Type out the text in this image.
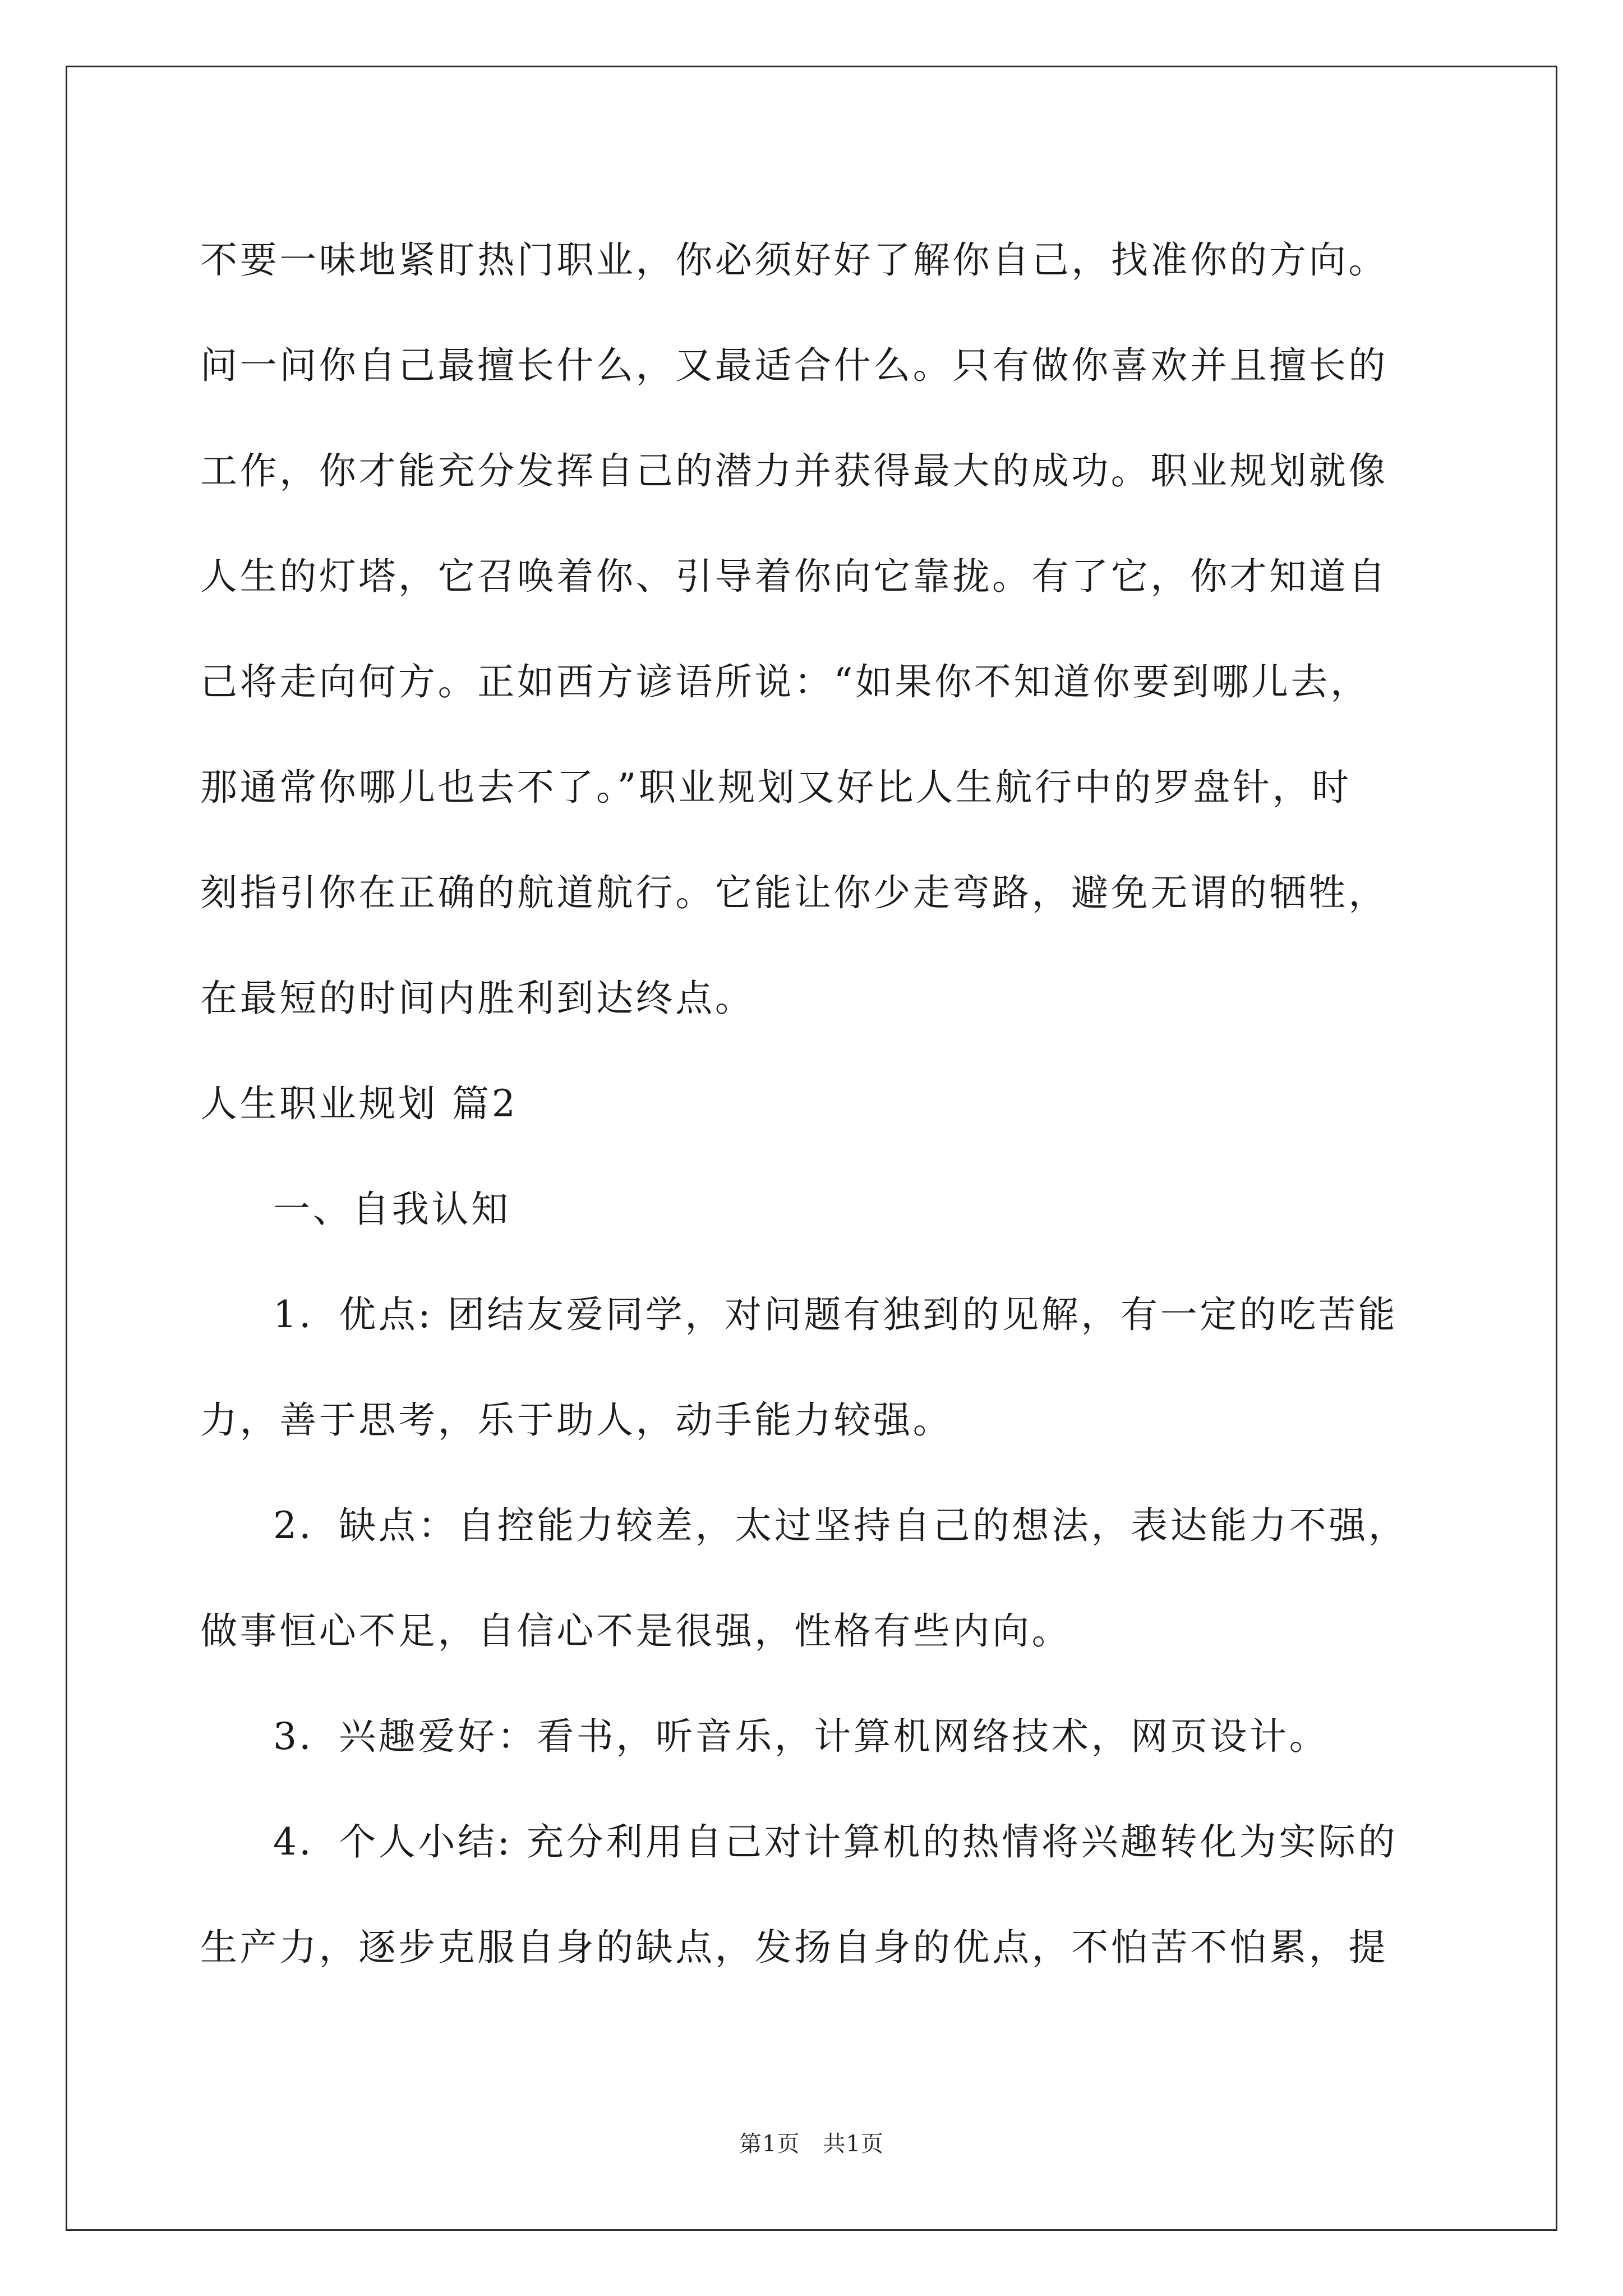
不要一味地紧盯热门职业，你必须好好了解你自己，找准你的方向。
问一问你自己最擅长什么，又最适合什么。只有做你喜欢并且擅长的
工作，你才能充分发挥自己的潜力并获得最大的成功。职业规划就像
人生的灯塔，它召唤着你、引导着你向它靠拢。有了它，你才知道自
己将走向何方。正如西方谚语所说：“如果你不知道你要到哪儿去，
那通常你哪儿也去不了。”职业规划又好比人生航行中的罗盘针，时
刻指引你在正确的航道航行。它能让你少走弯路，避免无谓的牺牲，
在最短的时间内胜利到达终点。
人生职业规划 篇2
一、自我认知
1．优点: 团结友爱同学，对问题有独到的见解，有一定的吃苦能
力，善于思考，乐于助人，动手能力较强。
2．缺点：自控能力较差，太过坚持自己的想法，表达能力不强，
做事恒心不足，自信心不是很强，性格有些内向。
3．兴趣爱好：看书，听音乐，计算机网络技术，网页设计。
4．个人小结: 充分利用自己对计算机的热情将兴趣转化为实际的
生产力，逐步克服自身的缺点，发扬自身的优点，不怕苦不怕累，提
第1页　共1页
